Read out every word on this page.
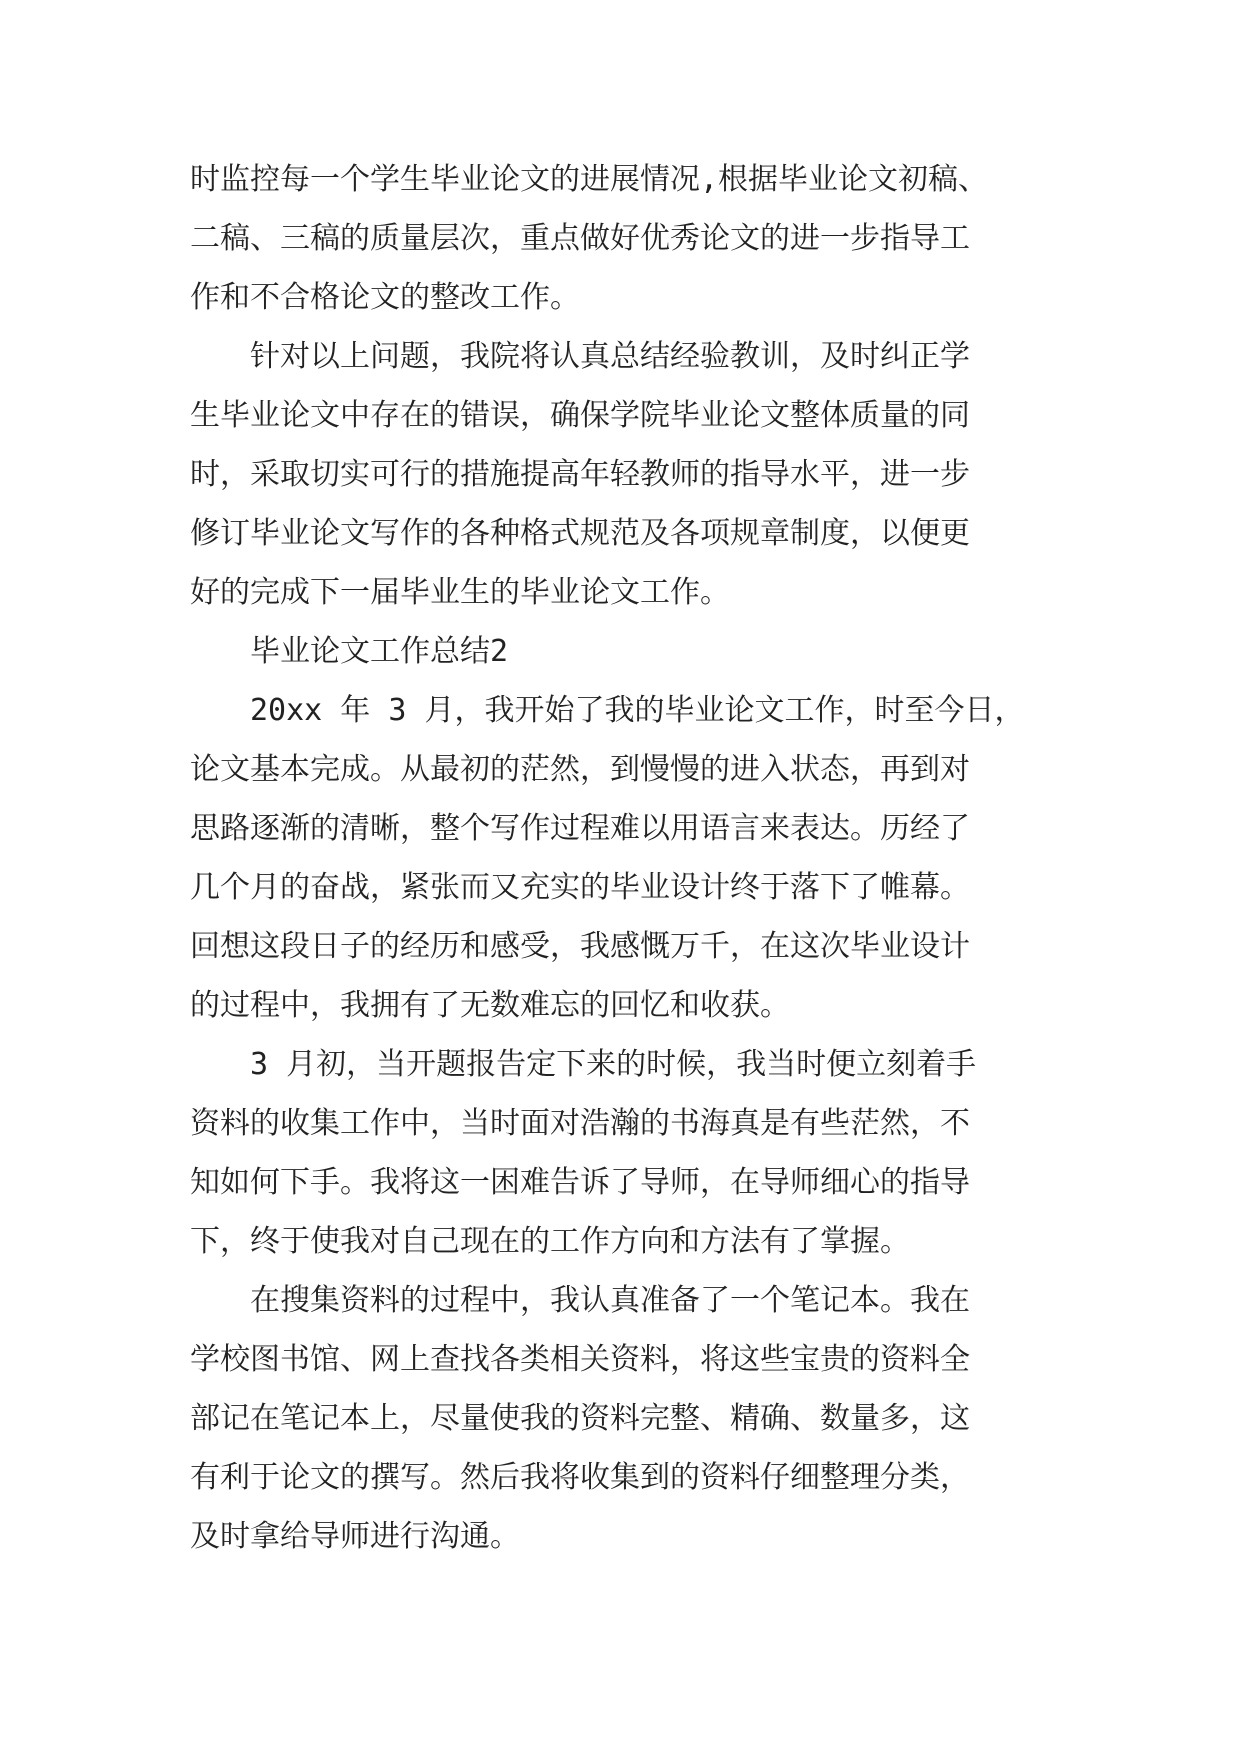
时监控每一个学生毕业论文的进展情况,根据毕业论文初稿、
二稿、三稿的质量层次，重点做好优秀论文的进一步指导工
作和不合格论文的整改工作。
针对以上问题，我院将认真总结经验教训，及时纠正学
生毕业论文中存在的错误，确保学院毕业论文整体质量的同
时，采取切实可行的措施提高年轻教师的指导水平，进一步
修订毕业论文写作的各种格式规范及各项规章制度，以便更
好的完成下一届毕业生的毕业论文工作。
毕业论文工作总结2
20xx 年 3 月，我开始了我的毕业论文工作，时至今日，
论文基本完成。从最初的茫然，到慢慢的进入状态，再到对
思路逐渐的清晰，整个写作过程难以用语言来表达。历经了
几个月的奋战，紧张而又充实的毕业设计终于落下了帷幕。
回想这段日子的经历和感受，我感慨万千，在这次毕业设计
的过程中，我拥有了无数难忘的回忆和收获。
3 月初，当开题报告定下来的时候，我当时便立刻着手
资料的收集工作中，当时面对浩瀚的书海真是有些茫然，不
知如何下手。我将这一困难告诉了导师，在导师细心的指导
下，终于使我对自己现在的工作方向和方法有了掌握。
在搜集资料的过程中，我认真准备了一个笔记本。我在
学校图书馆、网上查找各类相关资料，将这些宝贵的资料全
部记在笔记本上，尽量使我的资料完整、精确、数量多，这
有利于论文的撰写。然后我将收集到的资料仔细整理分类，
及时拿给导师进行沟通。
